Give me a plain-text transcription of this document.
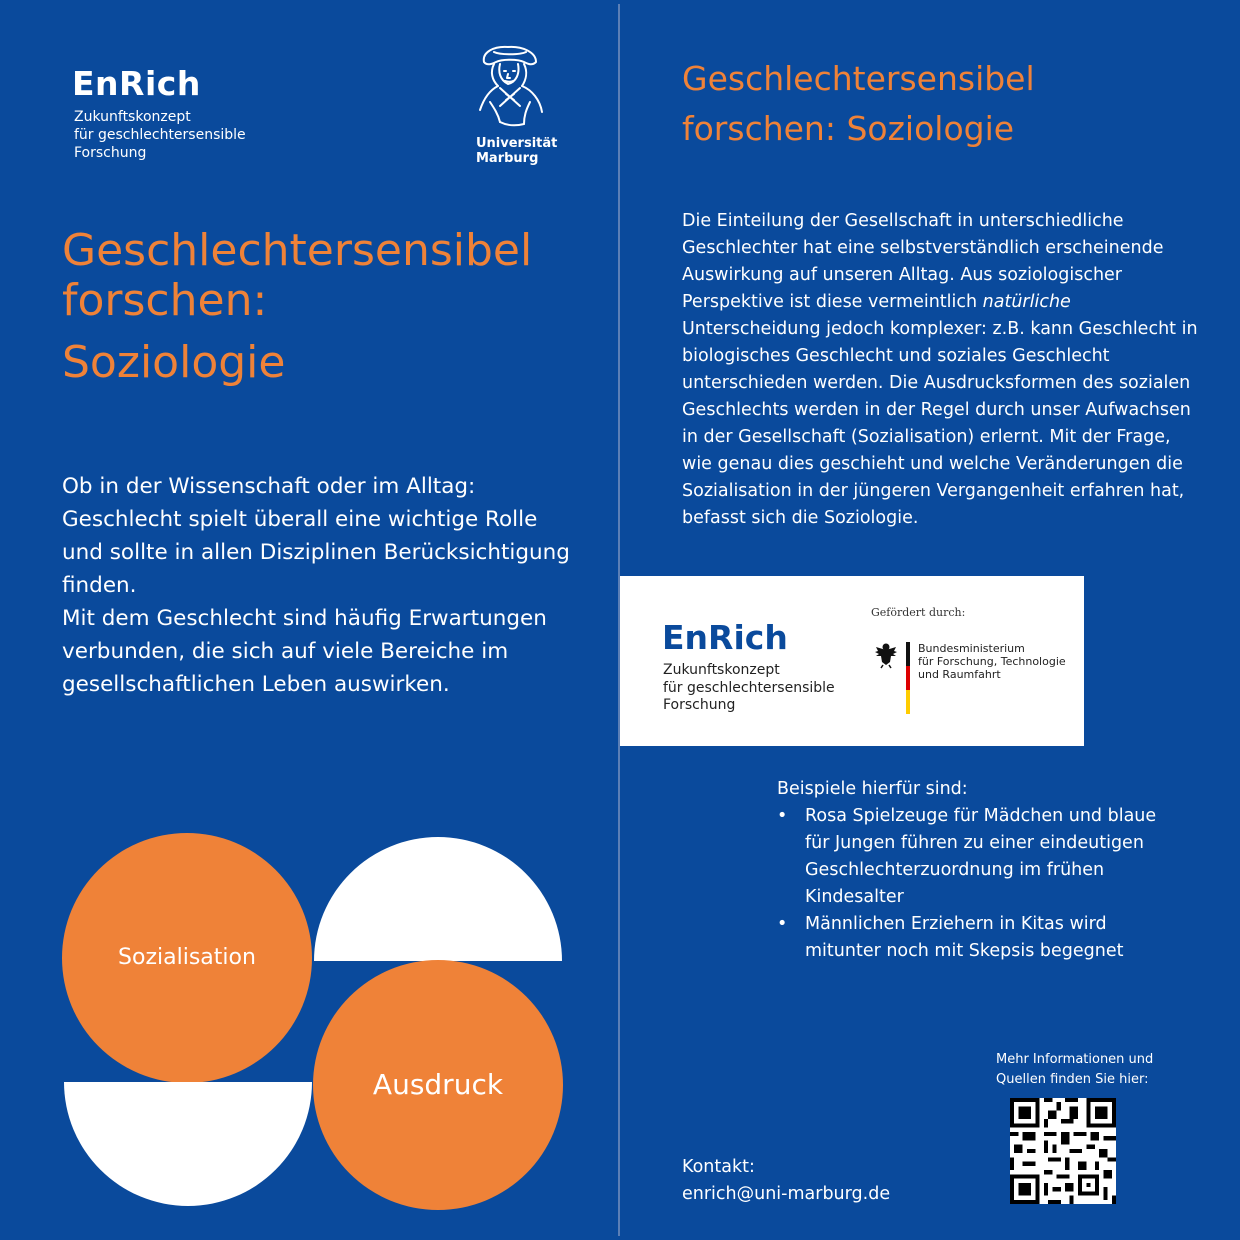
EnRich
Zukunftskonzept
für geschlechtersensible
Forschung
Universität
Marburg
Geschlechtersensibel
forschen:
Soziologie

Ob in der Wissenschaft oder im Alltag: Geschlecht spielt überall eine wichtige Rolle und sollte in allen Disziplinen Berücksichtigung finden.

Mit dem Geschlecht sind häufig Erwartungen verbunden, die sich auf viele Bereiche im gesellschaftlichen Leben auswirken.

Sozialisation
Ausdruck
Geschlechtersensibel
forschen: Soziologie

Die Einteilung der Gesellschaft in unterschiedliche Geschlechter hat eine selbstverständlich erscheinende Auswirkung auf unseren Alltag. Aus soziologischer Perspektive ist diese vermeintlich natürliche Unterscheidung jedoch komplexer: z.B. kann Geschlecht in biologisches Geschlecht und soziales Geschlecht unterschieden werden. Die Ausdrucksformen des sozialen Geschlechts werden in der Regel durch unser Aufwachsen in der Gesellschaft (Sozialisation) erlernt. Mit der Frage, wie genau dies geschieht und welche Veränderungen die Sozialisation in der jüngeren Vergangenheit erfahren hat, befasst sich die Soziologie.

EnRich
Zukunftskonzept
für geschlechtersensible
Forschung
Gefördert durch:
Bundesministerium
für Forschung, Technologie
und Raumfahrt

Beispiele hierfür sind:

• Rosa Spielzeuge für Mädchen und blaue für Jungen führen zu einer eindeutigen Geschlechterzuordnung im frühen Kindesalter
• Männlichen Erziehern in Kitas wird mitunter noch mit Skepsis begegnet
Mehr Informationen und
Quellen finden Sie hier:
Kontakt:
enrich@uni-marburg.de
